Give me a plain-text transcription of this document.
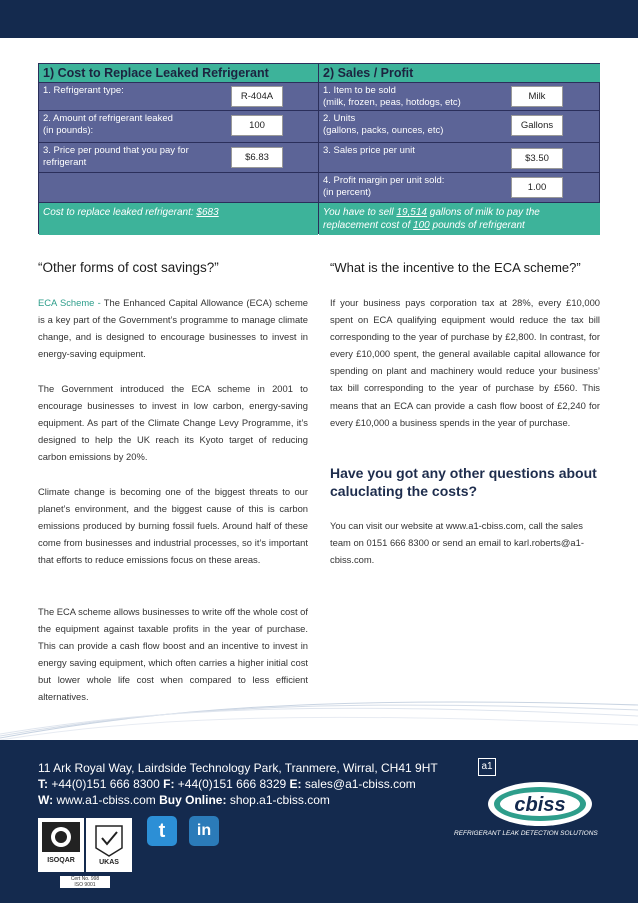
1) Cost to Replace Leaked Refrigerant
1. Refrigerant type:
R-404A
2. Amount of refrigerant leaked
(in pounds):	100
3. Price per pound that you pay for
refrigerant	$6.83
Cost to replace leaked refrigerant: $683
2) Sales / Profit
1. Item to be sold
(milk, frozen, peas, hotdogs, etc)
Milk
2. Units
(gallons, packs, ounces, etc)	Gallons
3. Sales price per unit
$3.50
4. Profit margin per unit sold:
(in percent)	1.00
You have to sell 19,514 gallons of milk to pay the
replacement cost of 100 pounds of refrigerant
“Other forms of cost savings?”
ECA Scheme - The Enhanced Capital Allowance (ECA) scheme is a key part of the Government’s programme to manage climate change, and is designed to encourage businesses to invest in energy-saving equipment.
The Government introduced the ECA scheme in 2001 to encourage businesses to invest in low carbon, energy-saving equipment. As part of the Climate Change Levy Programme, it’s designed to help the UK reach its Kyoto target of reducing carbon emissions by 20%.
Climate change is becoming one of the biggest threats to our planet’s environment, and the biggest cause of this is carbon emissions produced by burning fossil fuels. Around half of these come from businesses and industrial processes, so it’s important that efforts to reduce emissions focus on these areas.
The ECA scheme allows businesses to write off the whole cost of the equipment against taxable profits in the year of purchase. This can provide a cash flow boost and an incentive to invest in energy saving equipment, which often carries a higher initial cost but lower whole life cost when compared to less efficient alternatives.
“What is the incentive to the ECA scheme?”
If your business pays corporation tax at 28%, every £10,000 spent on ECA qualifying equipment would reduce the tax bill corresponding to the year of purchase by £2,800. In contrast, for every £10,000 spent, the general available capital allowance for spending on plant and machinery would reduce your business’ tax bill corresponding to the year of purchase by £560. This means that an ECA can provide a cash flow boost of £2,240 for every £10,000 a business spends in the year of purchase.
Have you got any other questions about caluclating the costs?
You can visit our website at www.a1-cbiss.com, call the sales team on 0151 666 8300 or send an email to karl.roberts@a1-cbiss.com.
11 Ark Royal Way, Lairdside Technology Park, Tranmere, Wirral, CH41 9HT
T: +44(0)151 666 8300 F: +44(0)151 666 8329 E: sales@a1-cbiss.com
W: www.a1-cbiss.com Buy Online: shop.a1-cbiss.com
ISOQAR	UKAS
Cert No. 998
ISO 9001
t	in
a1
cbiss
REFRIGERANT LEAK DETECTION SOLUTIONS
